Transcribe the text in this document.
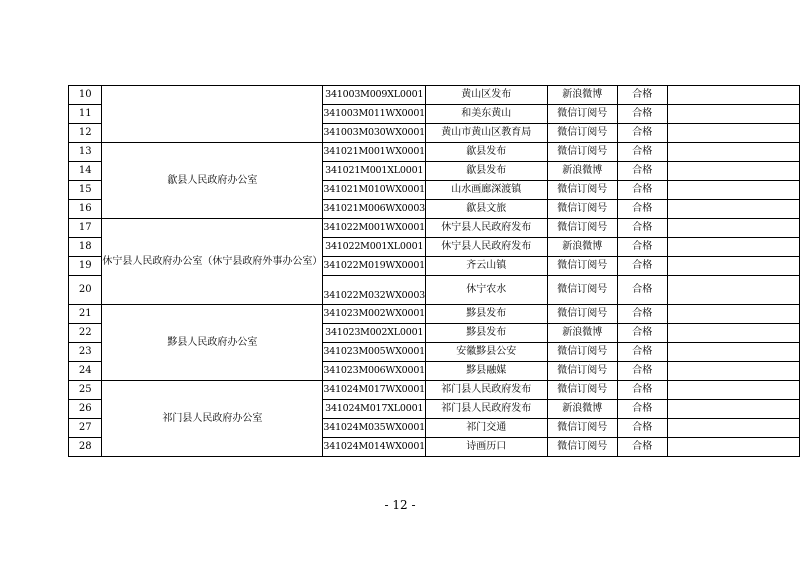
10		341003M009XL0001	黄山区发布	新浪微博	合格	
11		341003M011WX0001	和美东黄山	微信订阅号	合格	
12		341003M030WX0001	黄山市黄山区教育局	微信订阅号	合格	
13	歙县人民政府办公室	341021M001WX0001	歙县发布	微信订阅号	合格	
14		341021M001XL0001	歙县发布	新浪微博	合格	
15		341021M010WX0001	山水画廊深渡镇	微信订阅号	合格	
16		341021M006WX0003	歙县文旅	微信订阅号	合格	
17	休宁县人民政府办公室（休宁县政府外事办公室）	341022M001WX0001	休宁县人民政府发布	微信订阅号	合格	
18		341022M001XL0001	休宁县人民政府发布	新浪微博	合格	
19		341022M019WX0001	齐云山镇	微信订阅号	合格	
20		341022M032WX0003	休宁农水	微信订阅号	合格	
21	黟县人民政府办公室	341023M002WX0001	黟县发布	微信订阅号	合格	
22		341023M002XL0001	黟县发布	新浪微博	合格	
23		341023M005WX0001	安徽黟县公安	微信订阅号	合格	
24		341023M006WX0001	黟县融媒	微信订阅号	合格	
25	祁门县人民政府办公室	341024M017WX0001	祁门县人民政府发布	微信订阅号	合格	
26		341024M017XL0001	祁门县人民政府发布	新浪微博	合格	
27		341024M035WX0001	祁门交通	微信订阅号	合格	
28		341024M014WX0001	诗画历口	微信订阅号	合格	
- 12 -
